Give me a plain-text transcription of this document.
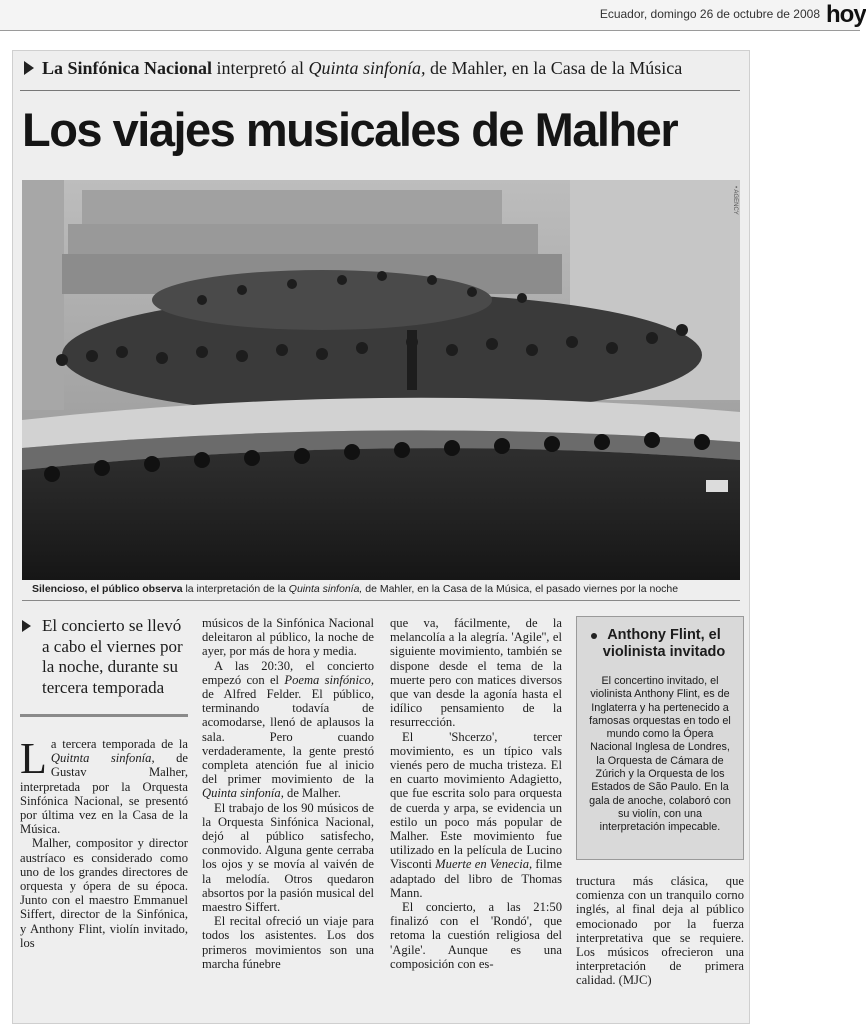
Ecuador, domingo 26 de octubre de 2008 hoy
La Sinfónica Nacional interpretó al Quinta sinfonía, de Mahler, en la Casa de la Música
Los viajes musicales de Malher
• AGENCY
Silencioso, el público observa la interpretación de la Quinta sinfonía, de Mahler, en la Casa de la Música, el pasado viernes por la noche
El concierto se llevó a cabo el viernes por la noche, durante su tercera temporada

La tercera temporada de la Quitnta sinfonía, de Gustav Malher, interpretada por la Orquesta Sinfónica Nacional, se presentó por última vez en la Casa de la Música.

Malher, compositor y director austríaco es considerado como uno de los grandes directores de orquesta y ópera de su época. Junto con el maestro Emmanuel Siffert, director de la Sinfónica, y Anthony Flint, violín invitado, los

músicos de la Sinfónica Nacional deleitaron al público, la noche de ayer, por más de hora y media.

A las 20:30, el concierto empezó con el Poema sinfónico, de Alfred Felder. El público, terminando todavía de acomodarse, llenó de aplausos la sala. Pero cuando verdaderamente, la gente prestó completa atención fue al inicio del primer movimiento de la Quinta sinfonía, de Malher.

El trabajo de los 90 músicos de la Orquesta Sinfónica Nacional, dejó al público satisfecho, conmovido. Alguna gente cerraba los ojos y se movía al vaivén de la melodía. Otros quedaron absortos por la pasión musical del maestro Siffert.

El recital ofreció un viaje para todos los asistentes. Los dos primeros movimientos son una marcha fúnebre

que va, fácilmente, de la melancolía a la alegría. 'Agile'', el siguiente movimiento, también se dispone desde el tema de la muerte pero con matices diversos que van desde la agonía hasta el idílico pensamiento de la resurrección.

El 'Shcerzo', tercer movimiento, es un típico vals vienés pero de mucha tristeza. El en cuarto movimiento Adagietto, que fue escrita solo para orquesta de cuerda y arpa, se evidencia un estilo un poco más popular de Malher. Este movimiento fue utilizado en la película de Lucino Visconti Muerte en Venecia, filme adaptado del libro de Thomas Mann.

El concierto, a las 21:50 finalizó con el 'Rondó', que retoma la cuestión religiosa del 'Agile'. Aunque es una composición con es-

Anthony Flint, el violinista invitado

El concertino invitado, el violinista Anthony Flint, es de Inglaterra y ha pertenecido a famosas orquestas en todo el mundo como la Ópera Nacional Inglesa de Londres, la Orquesta de Cámara de Zúrich y la Orquesta de los Estados de São Paulo. En la gala de anoche, colaboró con su violín, con una interpretación impecable.

tructura más clásica, que comienza con un tranquilo corno inglés, al final deja al público emocionado por la fuerza interpretativa que se requiere. Los músicos ofrecieron una interpretación de primera calidad. (MJC)
